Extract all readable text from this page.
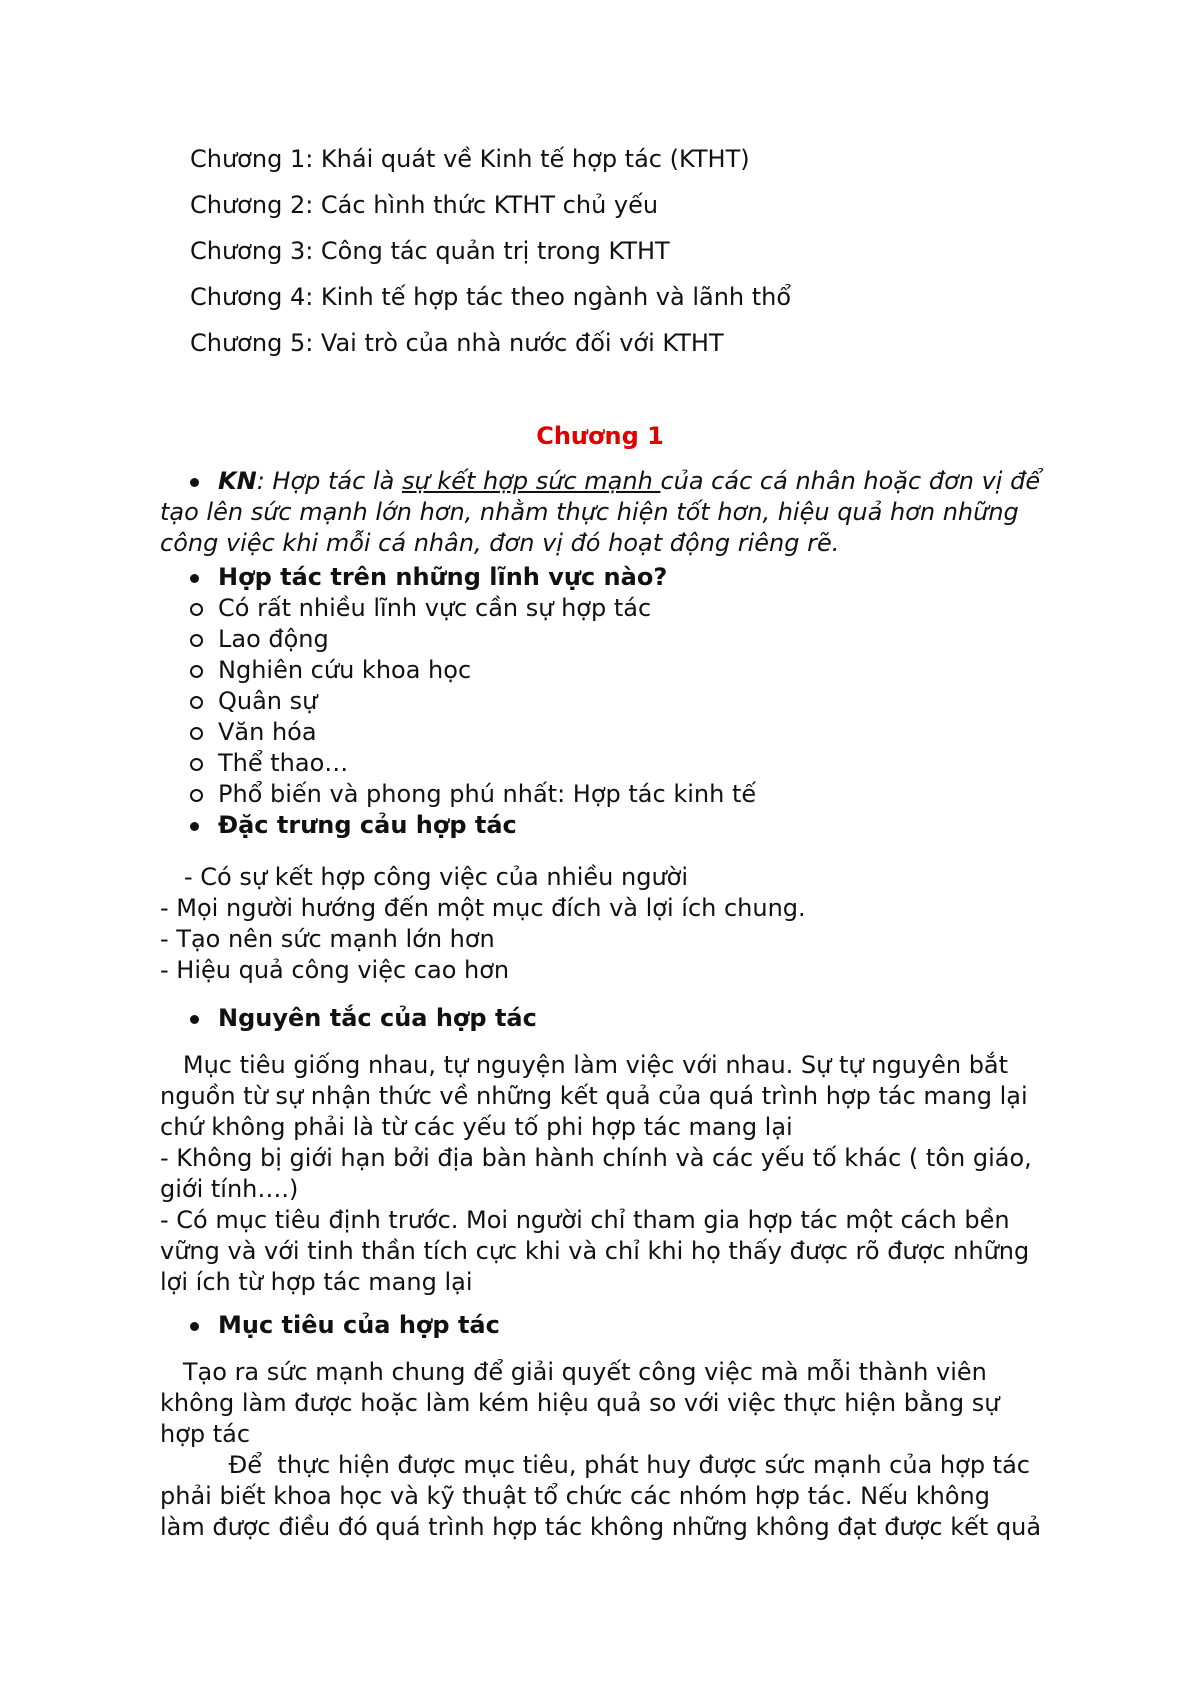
Chương 1: Khái quát về Kinh tế hợp tác (KTHT)
Chương 2: Các hình thức KTHT chủ yếu
Chương 3: Công tác quản trị trong KTHT
Chương 4: Kinh tế hợp tác theo ngành và lãnh thổ
Chương 5: Vai trò của nhà nước đối với KTHT
Chương 1
KN: Hợp tác là sự kết hợp sức mạnh của các cá nhân hoặc đơn vị để
tạo lên sức mạnh lớn hơn, nhằm thực hiện tốt hơn, hiệu quả hơn những
công việc khi mỗi cá nhân, đơn vị đó hoạt động riêng rẽ.
Hợp tác trên những lĩnh vực nào?
Có rất nhiều lĩnh vực cần sự hợp tác
Lao động
Nghiên cứu khoa học
Quân sự
Văn hóa
Thể thao…
Phổ biến và phong phú nhất: Hợp tác kinh tế
Đặc trưng cảu hợp tác
- Có sự kết hợp công việc của nhiều người
- Mọi người hướng đến một mục đích và lợi ích chung.
- Tạo nên sức mạnh lớn hơn
- Hiệu quả công việc cao hơn
Nguyên tắc của hợp tác
Mục tiêu giống nhau, tự nguyện làm việc với nhau. Sự tự nguyên bắt
nguồn từ sự nhận thức về những kết quả của quá trình hợp tác mang lại
chứ không phải là từ các yếu tố phi hợp tác mang lại
- Không bị giới hạn bởi địa bàn hành chính và các yếu tố khác ( tôn giáo,
giới tính….)
- Có mục tiêu định trước. Moi người chỉ tham gia hợp tác một cách bền
vững và với tinh thần tích cực khi và chỉ khi họ thấy được rõ được những
lợi ích từ hợp tác mang lại
Mục tiêu của hợp tác
Tạo ra sức mạnh chung để giải quyết công việc mà mỗi thành viên
không làm được hoặc làm kém hiệu quả so với việc thực hiện bằng sự
hợp tác
Để  thực hiện được mục tiêu, phát huy được sức mạnh của hợp tác
phải biết khoa học và kỹ thuật tổ chức các nhóm hợp tác. Nếu không
làm được điều đó quá trình hợp tác không những không đạt được kết quả
